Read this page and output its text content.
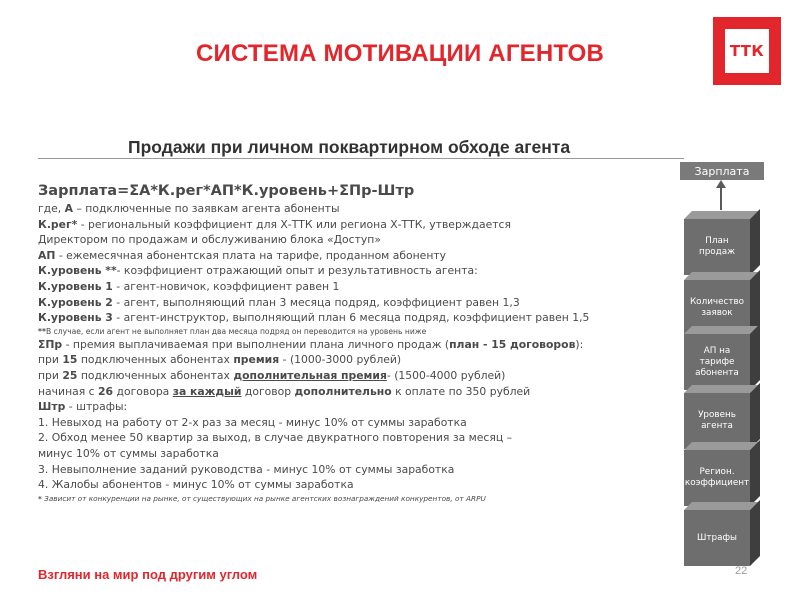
СИСТЕМА МОТИВАЦИИ АГЕНТОВ	ТТК
Продажи при личном поквартирном обходе агента
Зарплата=ΣА*К.рег*АП*К.уровень+ΣПр-Штр
где, А – подключенные по заявкам агента абоненты
К.рег* - региональный коэффициент для Х-ТТК или региона Х-ТТК, утверждается
Директором по продажам и обслуживанию блока «Доступ»
АП - ежемесячная абонентская плата на тарифе, проданном абоненту
К.уровень **- коэффициент отражающий опыт и результативность агента:
К.уровень 1 - агент-новичок, коэффициент равен 1
К.уровень 2 - агент, выполняющий план 3 месяца подряд, коэффициент равен 1,3
К.уровень 3 - агент-инструктор, выполняющий план 6 месяца подряд, коэффициент равен 1,5
**В случае, если агент не выполняет план два месяца подряд он переводится на уровень ниже
ΣПр - премия выплачиваемая при выполнении плана личного продаж (план - 15 договоров):
при 15 подключенных абонентах премия - (1000-3000 рублей)
при 25 подключенных абонентах дополнительная премия- (1500-4000 рублей)
начиная с 26 договора за каждый договор дополнительно к оплате по 350 рублей
Штр - штрафы:
1. Невыход на работу от 2-х раз за месяц - минус 10% от суммы заработка
2. Обход менее 50 квартир за выход, в случае двукратного повторения за месяц –
минус 10% от суммы заработка
3. Невыполнение заданий руководства - минус 10% от суммы заработка
4. Жалобы абонентов - минус 10% от суммы заработка
* Зависит от конкуренции на рынке, от существующих на рынке агентских вознаграждений конкурентов, от ARPU
Зарплата
План продаж
Количество заявок
АП на тарифе абонента
Уровень агента
Регион. коэффициент
Штрафы
Взгляни на мир под другим углом	22
